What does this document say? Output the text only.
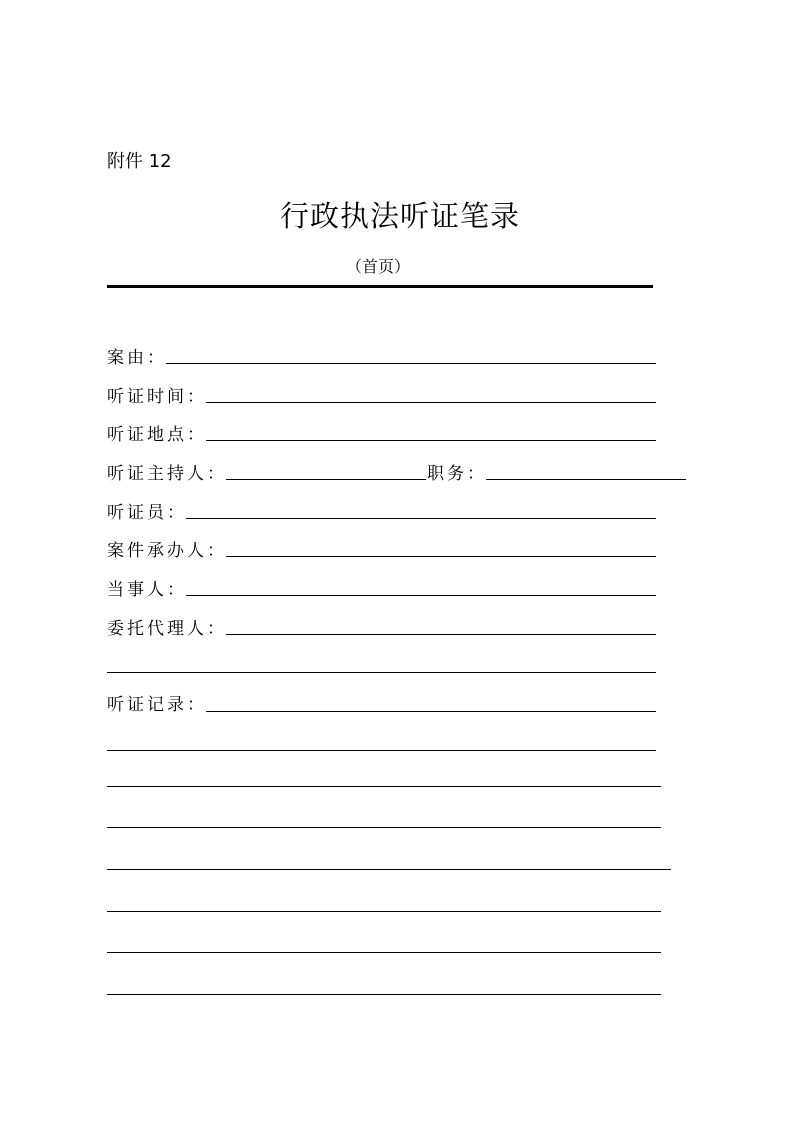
附件 12
行政执法听证笔录
（首页）
案由：
听证时间：
听证地点：
听证主持人：	职务：
听证员：
案件承办人：
当事人：
委托代理人：
听证记录：
